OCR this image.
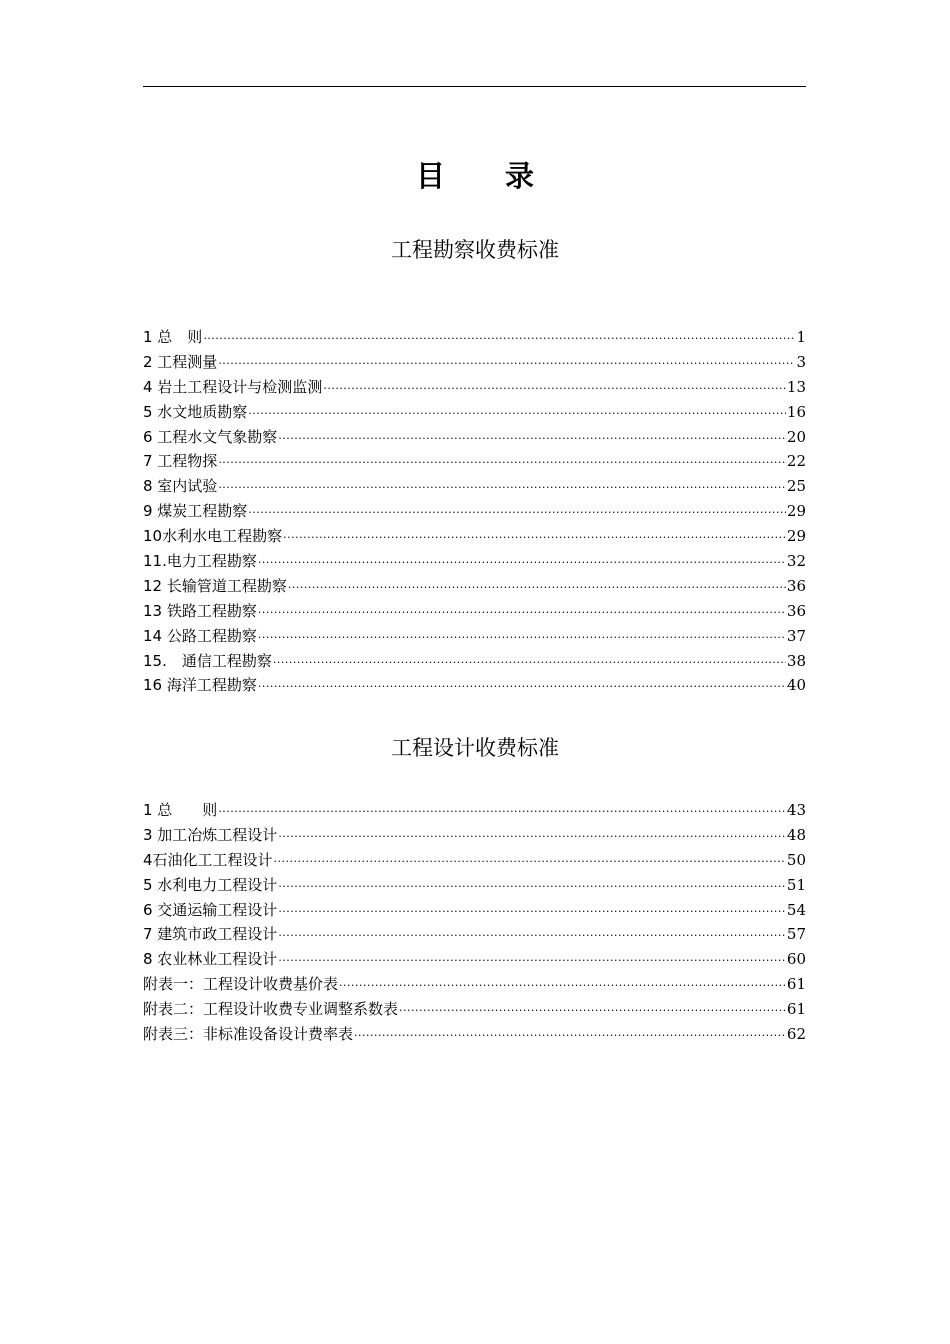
目录
工程勘察收费标准
1 总　则 ·····	1
2 工程测量 ·····	3
4 岩土工程设计与检测监测 ·····	13
5 水文地质勘察 ·····	16
6 工程水文气象勘察 ·····	20
7 工程物探 ·····	22
8 室内试验 ·····	25
9 煤炭工程勘察 ·····	29
10水利水电工程勘察 ·····	29
11.电力工程勘察 ·····	32
12 长输管道工程勘察 ·····	36
13 铁路工程勘察 ·····	36
14 公路工程勘察 ·····	37
15.　通信工程勘察 ·····	38
16 海洋工程勘察 ·····	40
工程设计收费标准
1 总　　则 ·····	43
3 加工冶炼工程设计 ·····	48
4石油化工工程设计 ·····	50
5 水利电力工程设计 ·····	51
6 交通运输工程设计 ·····	54
7 建筑市政工程设计 ·····	57
8 农业林业工程设计 ·····	60
附表一：工程设计收费基价表 ·····	61
附表二：工程设计收费专业调整系数表 ·····	61
附表三：非标准设备设计费率表 ·····	62
